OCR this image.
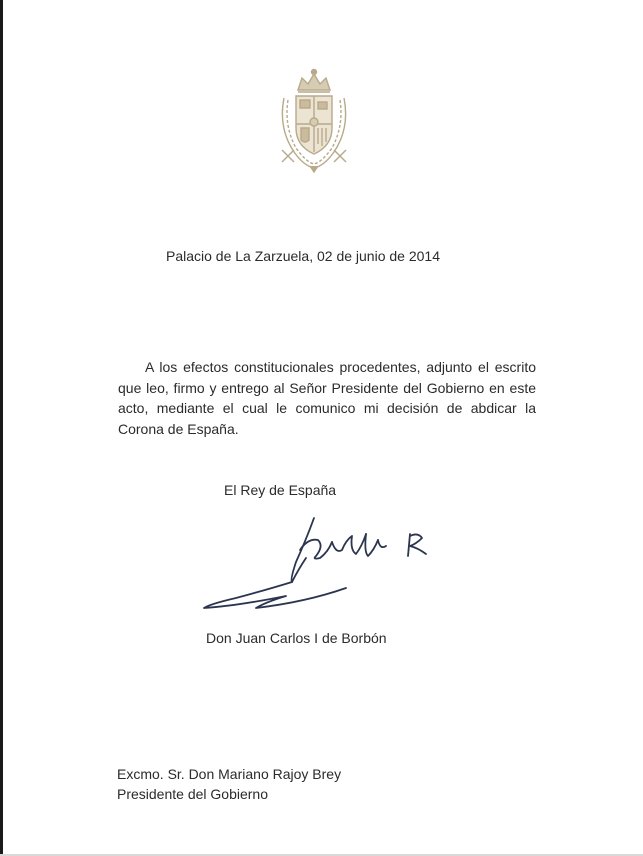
Palacio de La Zarzuela, 02 de junio de 2014
A los efectos constitucionales procedentes, adjunto el escrito que leo, firmo y entrego al Señor Presidente del Gobierno en este acto, mediante el cual le comunico mi decisión de abdicar la Corona de España.
El Rey de España
Don Juan Carlos I de Borbón
Excmo. Sr. Don Mariano Rajoy Brey
Presidente del Gobierno
